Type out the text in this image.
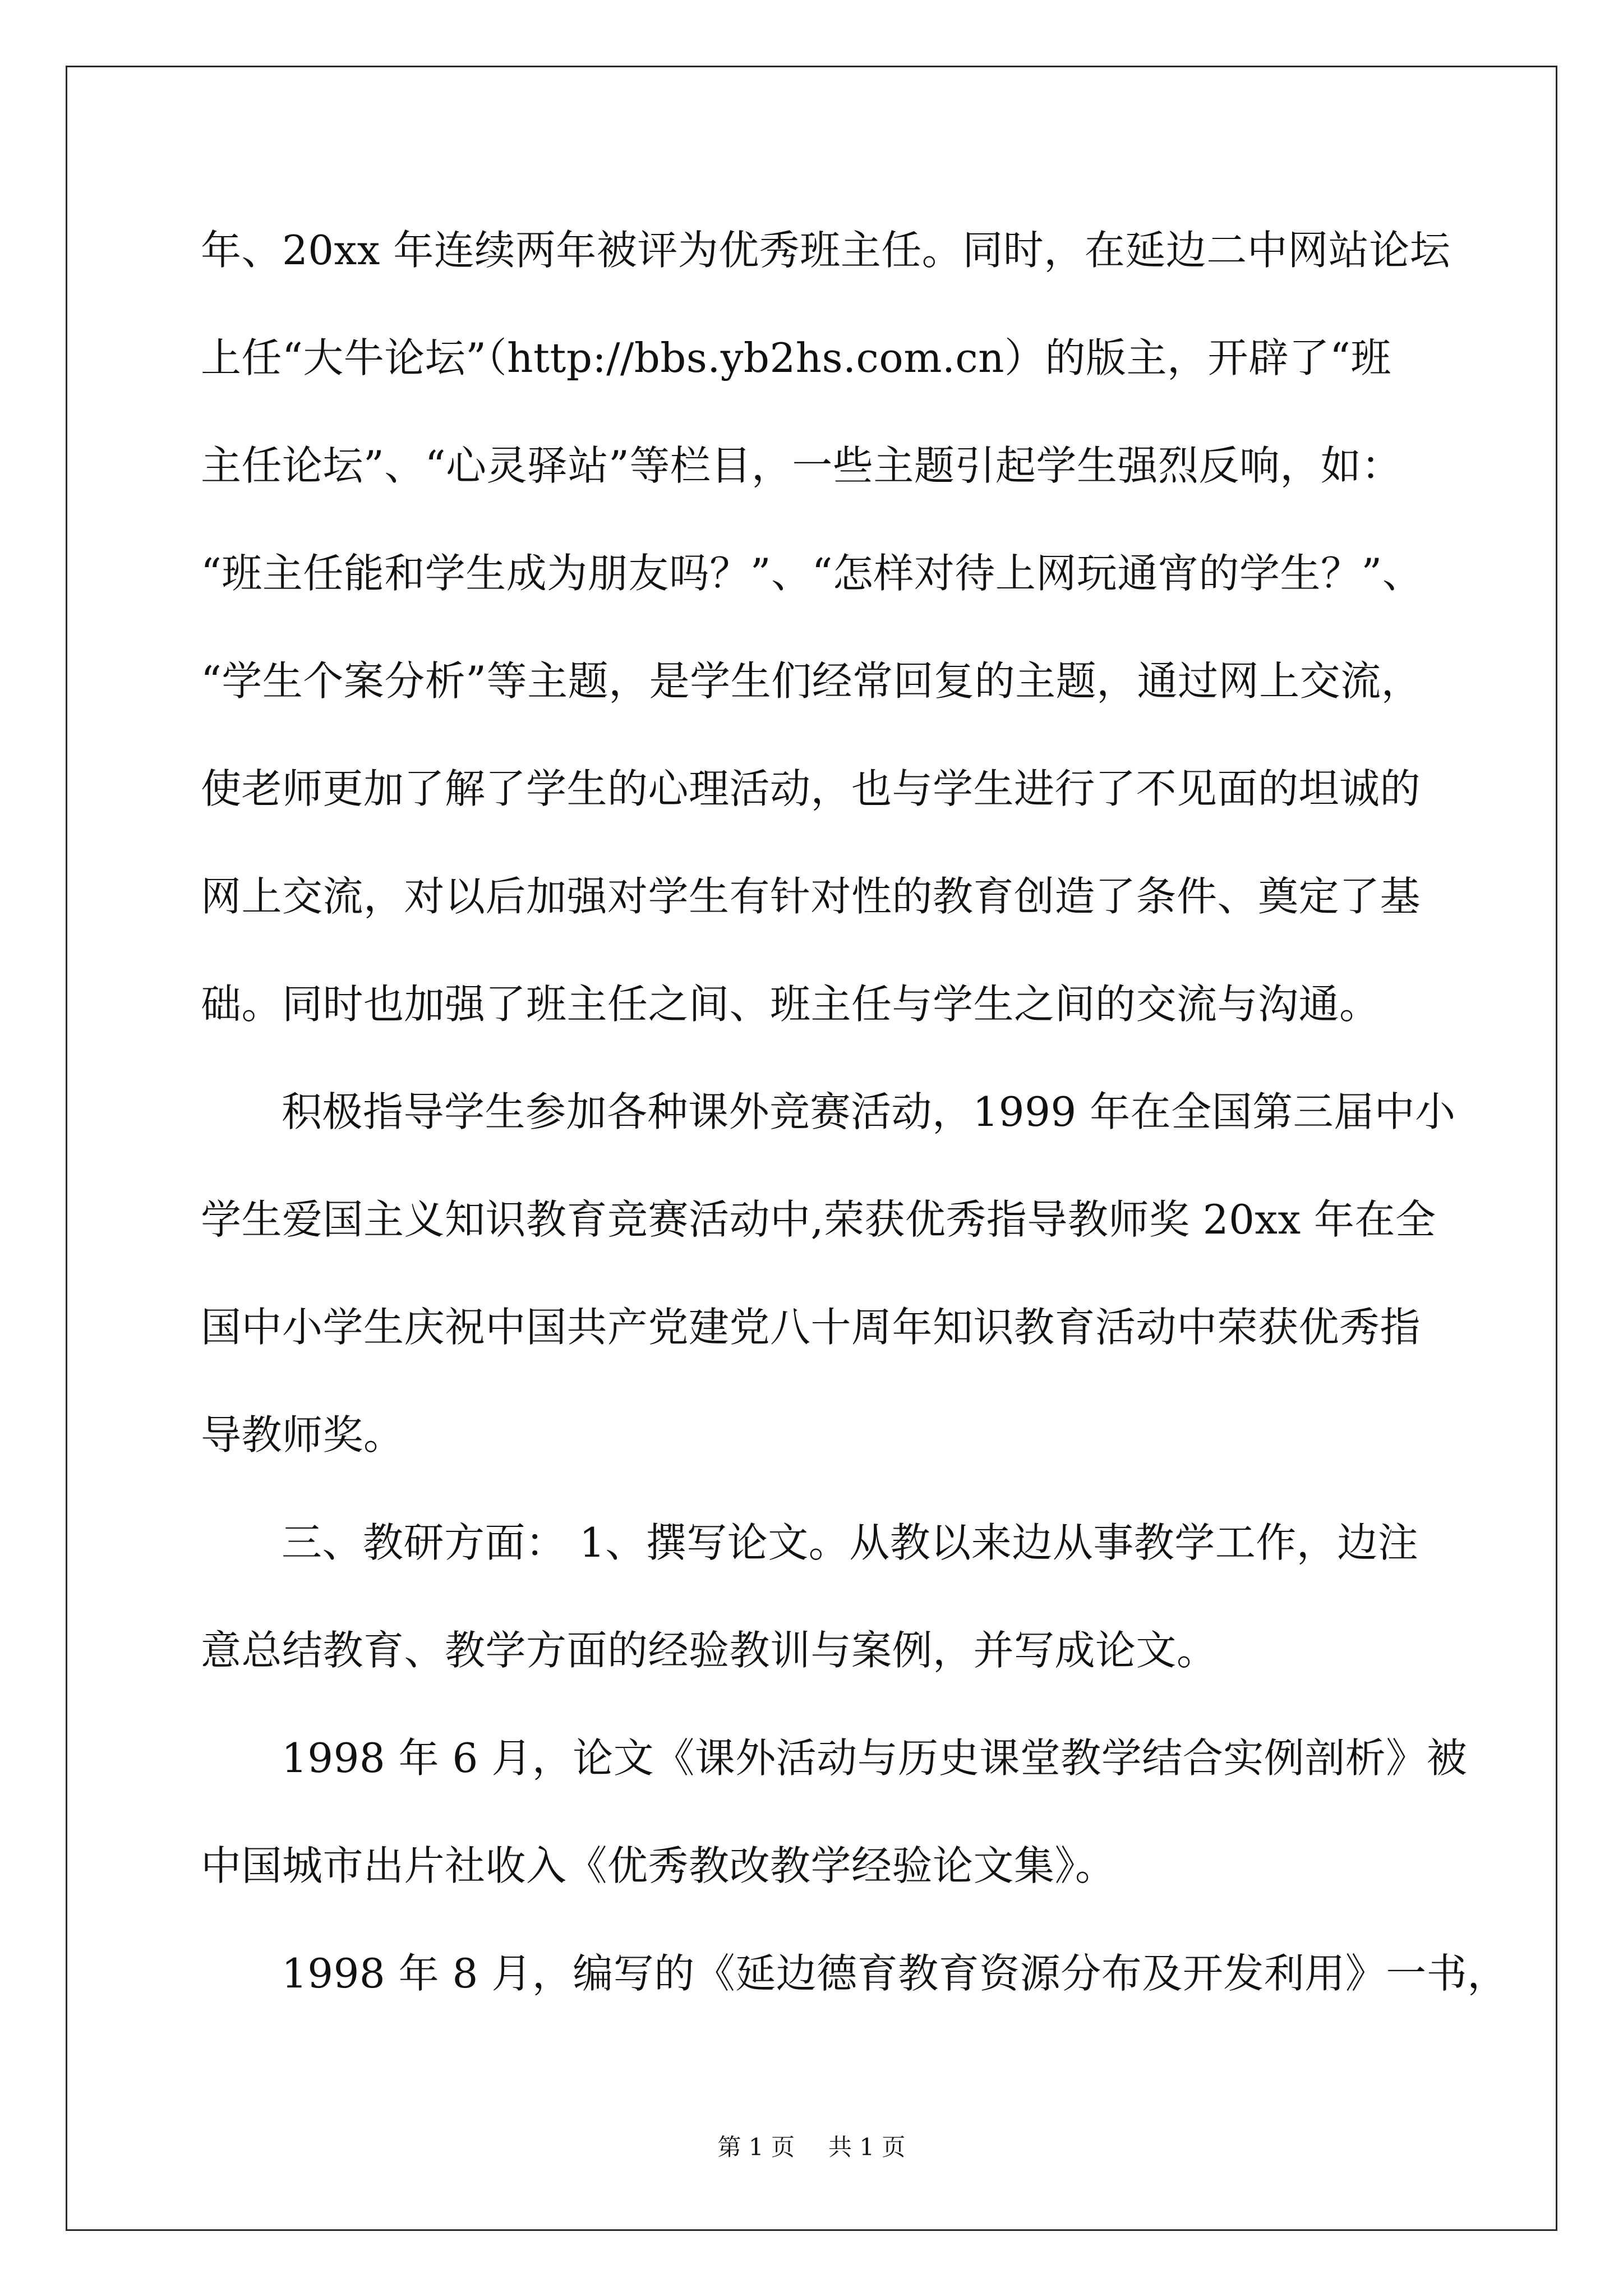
年、20xx 年连续两年被评为优秀班主任。同时，在延边二中网站论坛
上任“大牛论坛”（http://bbs.yb2hs.com.cn）的版主，开辟了“班
主任论坛”、“心灵驿站”等栏目，一些主题引起学生强烈反响，如：
“班主任能和学生成为朋友吗？”、“怎样对待上网玩通宵的学生？”、
“学生个案分析”等主题，是学生们经常回复的主题，通过网上交流，
使老师更加了解了学生的心理活动，也与学生进行了不见面的坦诚的
网上交流，对以后加强对学生有针对性的教育创造了条件、奠定了基
础。同时也加强了班主任之间、班主任与学生之间的交流与沟通。
积极指导学生参加各种课外竞赛活动，1999 年在全国第三届中小
学生爱国主义知识教育竞赛活动中,荣获优秀指导教师奖 20xx 年在全
国中小学生庆祝中国共产党建党八十周年知识教育活动中荣获优秀指
导教师奖。
三、教研方面： 1、撰写论文。从教以来边从事教学工作，边注
意总结教育、教学方面的经验教训与案例，并写成论文。
1998 年 6 月，论文《课外活动与历史课堂教学结合实例剖析》被
中国城市出片社收入《优秀教改教学经验论文集》。
1998 年 8 月，编写的《延边德育教育资源分布及开发利用》一书，
第 1 页 共 1 页
